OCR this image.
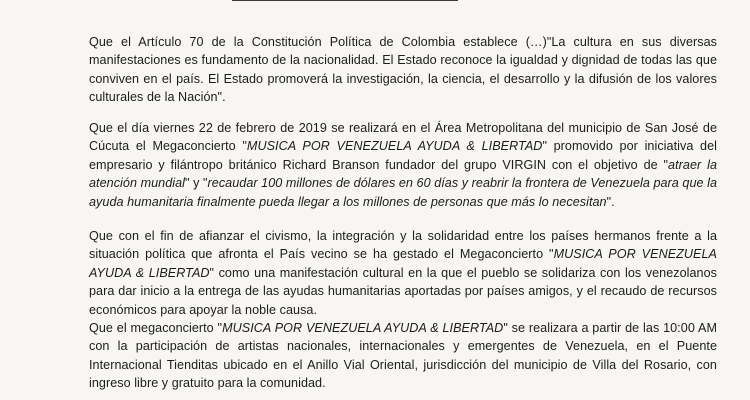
Que el Artículo 70 de la Constitución Política de Colombia establece (…)"La cultura en sus diversas manifestaciones es fundamento de la nacionalidad. El Estado reconoce la igualdad y dignidad de todas las que conviven en el país. El Estado promoverá la investigación, la ciencia, el desarrollo y la difusión de los valores culturales de la Nación".

Que el día viernes 22 de febrero de 2019 se realizará en el Área Metropolitana del municipio de San José de Cúcuta el Megaconcierto "MUSICA POR VENEZUELA AYUDA & LIBERTAD" promovido por iniciativa del empresario y filántropo británico Richard Branson fundador del grupo VIRGIN con el objetivo de "atraer la atención mundial" y "recaudar 100 millones de dólares en 60 días y reabrir la frontera de Venezuela para que la ayuda humanitaria finalmente pueda llegar a los millones de personas que más lo necesitan".

Que con el fin de afianzar el civismo, la integración y la solidaridad entre los países hermanos frente a la situación política que afronta el País vecino se ha gestado el Megaconcierto "MUSICA POR VENEZUELA AYUDA & LIBERTAD" como una manifestación cultural en la que el pueblo se solidariza con los venezolanos para dar inicio a la entrega de las ayudas humanitarias aportadas por países amigos, y el recaudo de recursos económicos para apoyar la noble causa.

Que el megaconcierto "MUSICA POR VENEZUELA AYUDA & LIBERTAD" se realizara a partir de las 10:00 AM con la participación de artistas nacionales, internacionales y emergentes de Venezuela, en el Puente Internacional Tienditas ubicado en el Anillo Vial Oriental, jurisdicción del municipio de Villa del Rosario, con ingreso libre y gratuito para la comunidad.
